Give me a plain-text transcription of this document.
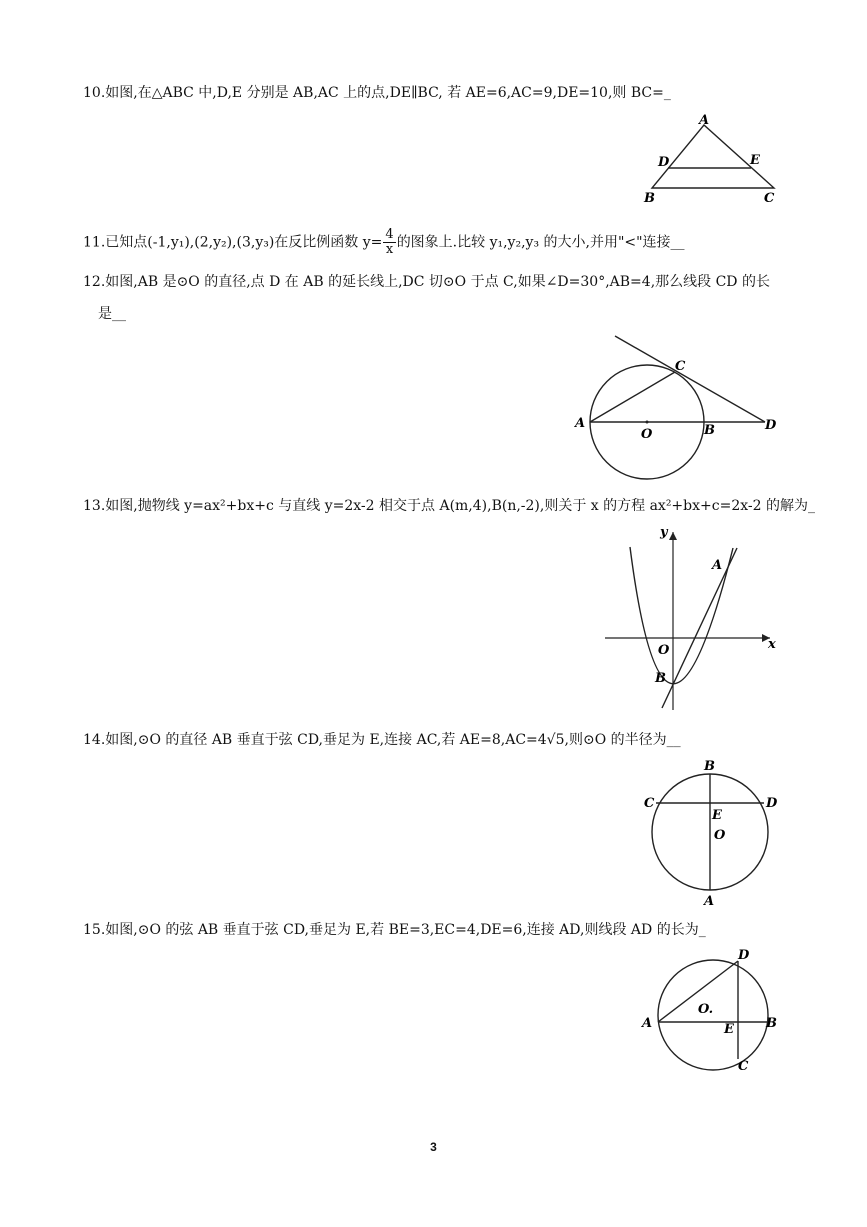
10.如图,在△ABC 中,D,E 分别是 AB,AC 上的点,DE∥BC, 若 AE=6,AC=9,DE=10,则 BC=_
A
D	E
B	C
11.已知点(-1,y₁),(2,y₂),(3,y₃)在反比例函数 $y= \frac{4}{x}$ 的图象上.比较 y₁,y₂,y₃ 的大小,并用"<"连接__
12.如图,AB 是⊙O 的直径,点 D 在 AB 的延长线上,DC 切⊙O 于点 C,如果∠D=30°,AB=4,那么线段 CD 的长
是__
A
O	B
C
D
13.如图,抛物线 y=ax²+bx+c 与直线 y=2x-2 相交于点 A(m,4),B(n,-2),则关于 x 的方程 ax²+bx+c=2x-2 的解为_
y
x
O
A
B
14.如图,⊙O 的直径 AB 垂直于弦 CD,垂足为 E,连接 AC,若 AE=8,AC=4√5,则⊙O 的半径为__
B
C	D
E
O
A
15.如图,⊙O 的弦 AB 垂直于弦 CD,垂足为 E,若 BE=3,EC=4,DE=6,连接 AD,则线段 AD 的长为_
D
O.
A	E B
C
3
